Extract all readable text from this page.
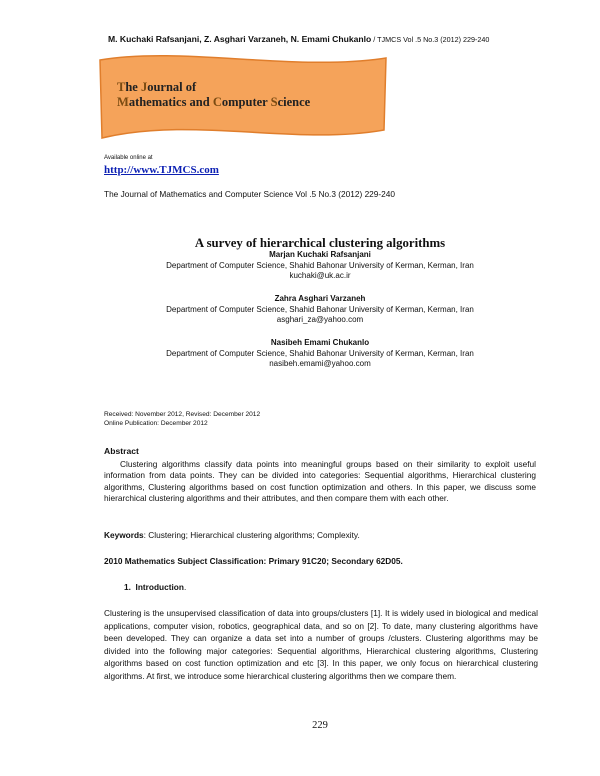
M. Kuchaki Rafsanjani, Z. Asghari Varzaneh, N. Emami Chukanlo / TJMCS Vol .5 No.3 (2012) 229-240
The Journal of
Mathematics and Computer Science
Available online at
http://www.TJMCS.com
The Journal of Mathematics and Computer Science Vol .5 No.3 (2012) 229-240
A survey of hierarchical clustering algorithms
Marjan Kuchaki Rafsanjani
Department of Computer Science, Shahid Bahonar University of Kerman, Kerman, Iran
kuchaki@uk.ac.ir
Zahra Asghari Varzaneh
Department of Computer Science, Shahid Bahonar University of Kerman, Kerman, Iran
asghari_za@yahoo.com
Nasibeh Emami Chukanlo
Department of Computer Science, Shahid Bahonar University of Kerman, Kerman, Iran
nasibeh.emami@yahoo.com
Received: November 2012, Revised: December 2012
Online Publication: December 2012
Abstract
Clustering algorithms classify data points into meaningful groups based on their similarity to exploit useful information from data points. They can be divided into categories: Sequential algorithms, Hierarchical clustering algorithms, Clustering algorithms based on cost function optimization and others. In this paper, we discuss some hierarchical clustering algorithms and their attributes, and then compare them with each other.
Keywords: Clustering; Hierarchical clustering algorithms; Complexity.
2010 Mathematics Subject Classification: Primary 91C20; Secondary 62D05.
1. Introduction.
Clustering is the unsupervised classification of data into groups/clusters [1]. It is widely used in biological and medical applications, computer vision, robotics, geographical data, and so on [2]. To date, many clustering algorithms have been developed. They can organize a data set into a number of groups /clusters. Clustering algorithms may be divided into the following major categories: Sequential algorithms, Hierarchical clustering algorithms, Clustering algorithms based on cost function optimization and etc [3]. In this paper, we only focus on hierarchical clustering algorithms. At first, we introduce some hierarchical clustering algorithms then we compare them.
229
